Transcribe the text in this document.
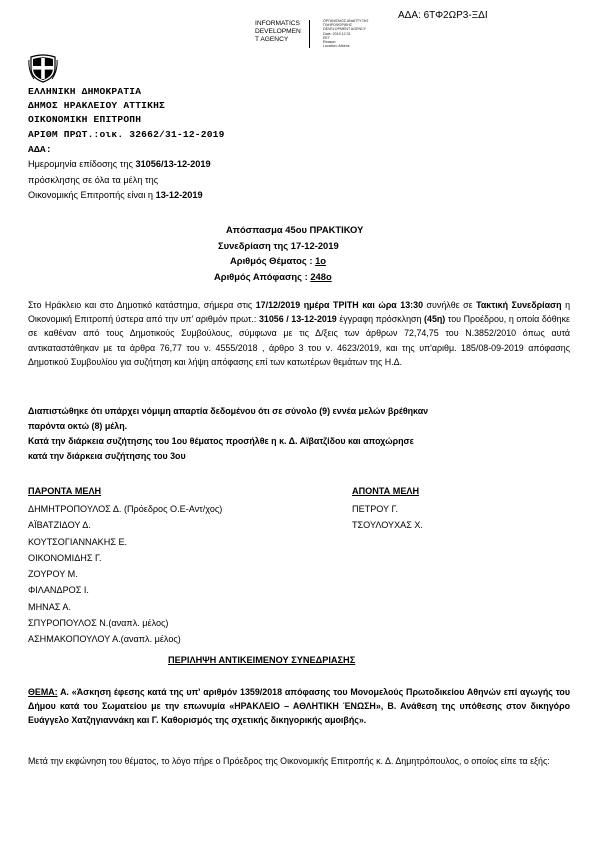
ΑΔΑ: 6ΤΦ2ΩΡ3-ΞΔΙ
INFORMATICS
DEVELOPMEN
T AGENCY
ΟΡΓΑΝΙΣΜΟΣ ΑΝΑΠΤΥΞΗΣ
ΠΛΗΡΟΦΟΡΙΚΗΣ
DEVELOPMENT AGENCY
Date: 2019.12.31
EET
Reason:
Location: Athens
ΕΛΛΗΝΙΚΗ ΔΗΜΟΚΡΑΤΙΑ
ΔΗΜΟΣ ΗΡΑΚΛΕΙΟΥ ΑΤΤΙΚΗΣ
ΟΙΚΟΝΟΜΙΚΗ ΕΠΙΤΡΟΠΗ
ΑΡΙΘΜ ΠΡΩΤ.:οικ. 32662/31-12-2019
ΑΔΑ:
Ημερομηνία επίδοσης της 31056/13-12-2019
πρόσκλησης σε όλα τα μέλη της
Οικονομικής Επιτροπής είναι η 13-12-2019
Απόσπασμα 45ου ΠΡΑΚΤΙΚΟΥ
Συνεδρίαση της 17-12-2019
Αριθμός Θέματος : 1ο
Αριθμός Απόφασης : 248ο
Στο Ηράκλειο και στο Δημοτικό κατάστημα, σήμερα στις 17/12/2019 ημέρα ΤΡΙΤΗ και ώρα 13:30 συνήλθε σε Τακτική Συνεδρίαση η Οικονομική Επιτροπή ύστερα από την υπ' αριθμόν πρωτ.: 31056 / 13-12-2019 έγγραφη πρόσκληση (45η) του Προέδρου, η οποία δόθηκε σε καθέναν από τους Δημοτικούς Συμβούλους, σύμφωνα με τις Δ/ξεις των άρθρων 72,74,75 του Ν.3852/2010 όπως αυτά αντικαταστάθηκαν με τα άρθρα 76,77 του ν. 4555/2018 , άρθρο 3 του ν. 4623/2019, και της υπ'αριθμ. 185/08-09-2019 απόφασης Δημοτικού Συμβουλίου για συζήτηση και λήψη απόφασης επί των κατωτέρων θεμάτων της Η.Δ.
Διαπιστώθηκε ότι υπάρχει νόμιμη απαρτία δεδομένου ότι σε σύνολο (9) εννέα μελών βρέθηκαν
παρόντα οκτώ (8) μέλη.
Κατά την διάρκεια συζήτησης του 1ου θέματος προσήλθε η κ. Δ. Αϊβατζίδου και αποχώρησε
κατά την διάρκεια συζήτησης του 3ου
ΠΑΡΟΝΤΑ ΜΕΛΗ
ΔΗΜΗΤΡΟΠΟΥΛΟΣ Δ. (Πρόεδρος Ο.Ε-Αντ/χος)
ΑΪΒΑΤΖΙΔΟΥ Δ.
ΚΟΥΤΣΟΓΙΑΝΝΑΚΗΣ Ε.
ΟΙΚΟΝΟΜΙΔΗΣ Γ.
ΖΟΥΡΟΥ Μ.
ΦΙΛΑΝΔΡΟΣ Ι.
ΜΗΝΑΣ Α.
ΣΠΥΡΟΠΟΥΛΟΣ Ν.(αναπλ. μέλος)
ΑΣΗΜΑΚΟΠΟΥΛΟΥ Α.(αναπλ. μέλος)
ΑΠΟΝΤΑ ΜΕΛΗ
ΠΕΤΡΟΥ Γ.
ΤΣΟΥΛΟΥΧΑΣ Χ.
ΠΕΡΙΛΗΨΗ ΑΝΤΙΚΕΙΜΕΝΟΥ ΣΥΝΕΔΡΙΑΣΗΣ
ΘΕΜΑ: Α. «Άσκηση έφεσης κατά της υπ' αριθμόν 1359/2018 απόφασης του Μονομελούς Πρωτοδικείου Αθηνών επί αγωγής του Δήμου κατά του Σωματείου με την επωνυμία «ΗΡΑΚΛΕΙΟ – ΑΘΛΗΤΙΚΗ ΈΝΩΣΗ», Β. Ανάθεση της υπόθεσης στον δικηγόρο Ευάγγελο Χατζηγιαννάκη και Γ. Καθορισμός της σχετικής δικηγορικής αμοιβής».
Μετά την εκφώνηση του θέματος, το λόγο πήρε ο Πρόεδρος της Οικονομικής Επιτροπής κ. Δ. Δημητρόπουλος, ο οποίος είπε τα εξής:
